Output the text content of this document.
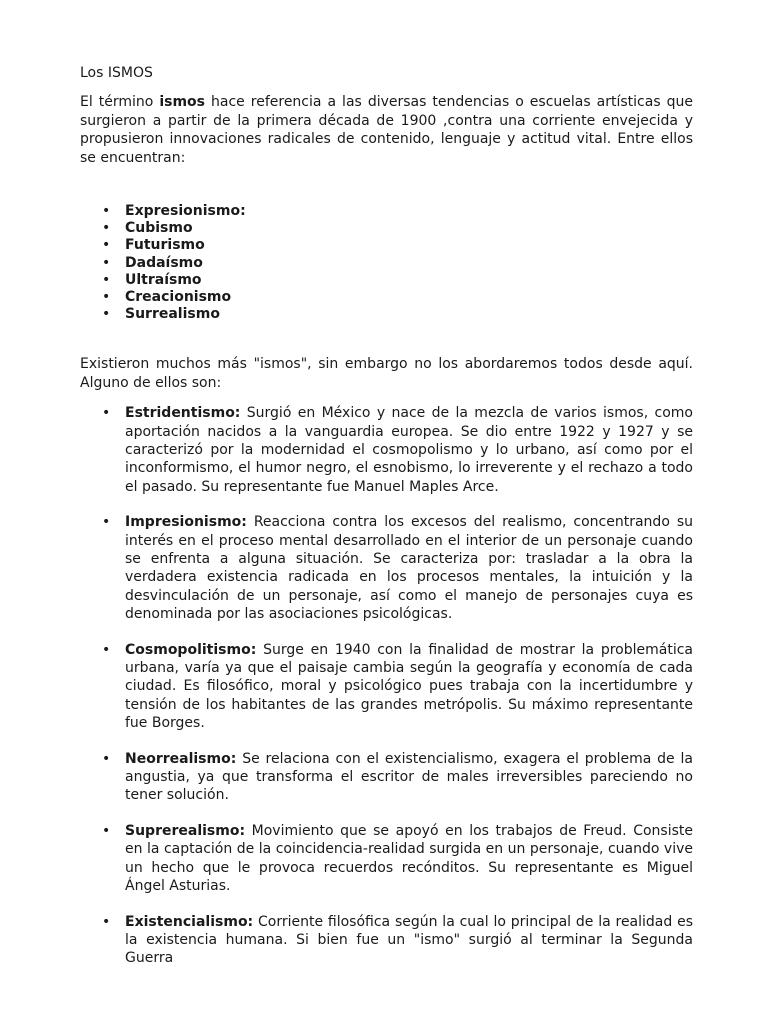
Los ISMOS

El término ismos hace referencia a las diversas tendencias o escuelas artísticas que surgieron a partir de la primera década de 1900 ,contra una corriente envejecida y propusieron innovaciones radicales de contenido, lenguaje y actitud vital. Entre ellos se encuentran:

• Expresionismo:
• Cubismo
• Futurismo
• Dadaísmo
• Ultraísmo
• Creacionismo
• Surrealismo

Existieron muchos más "ismos", sin embargo no los abordaremos todos desde aquí. Alguno de ellos son:

• Estridentismo: Surgió en México y nace de la mezcla de varios ismos, como aportación nacidos a la vanguardia europea. Se dio entre 1922 y 1927 y se caracterizó por la modernidad el cosmopolismo y lo urbano, así como por el inconformismo, el humor negro, el esnobismo, lo irreverente y el rechazo a todo el pasado. Su representante fue Manuel Maples Arce.
• Impresionismo: Reacciona contra los excesos del realismo, concentrando su interés en el proceso mental desarrollado en el interior de un personaje cuando se enfrenta a alguna situación. Se caracteriza por: trasladar a la obra la verdadera existencia radicada en los procesos mentales, la intuición y la desvinculación de un personaje, así como el manejo de personajes cuya es denominada por las asociaciones psicológicas.
• Cosmopolitismo: Surge en 1940 con la finalidad de mostrar la problemática urbana, varía ya que el paisaje cambia según la geografía y economía de cada ciudad. Es filosófico, moral y psicológico pues trabaja con la incertidumbre y tensión de los habitantes de las grandes metrópolis. Su máximo representante fue Borges.
• Neorrealismo: Se relaciona con el existencialismo, exagera el problema de la angustia, ya que transforma el escritor de males irreversibles pareciendo no tener solución.
• Suprerealismo: Movimiento que se apoyó en los trabajos de Freud. Consiste en la captación de la coincidencia-realidad surgida en un personaje, cuando vive un hecho que le provoca recuerdos recónditos. Su representante es Miguel Ángel Asturias.
• Existencialismo: Corriente filosófica según la cual lo principal de la realidad es la existencia humana. Si bien fue un "ismo" surgió al terminar la Segunda Guerra
